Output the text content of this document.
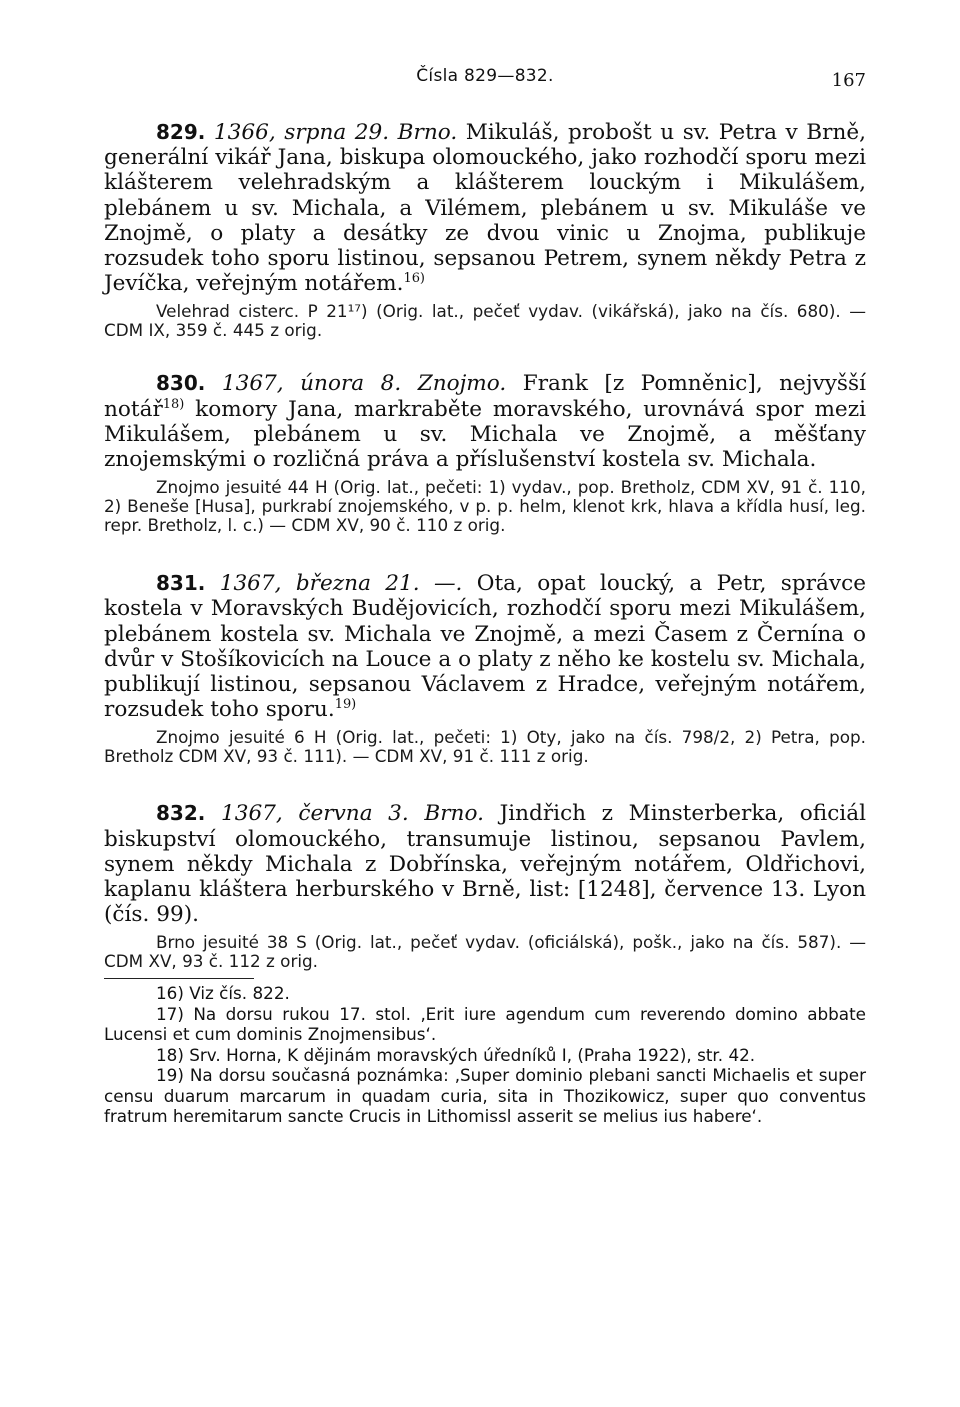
Čísla 829—832.	167

829. 1366, srpna 29. Brno. Mikuláš, probošt u sv. Petra v Brně, generální vikář Jana, biskupa olomouckého, jako rozhodčí sporu mezi klášterem velehradským a klášterem louckým i Mikulášem, plebánem u sv. Michala, a Vilémem, plebánem u sv. Mikuláše ve Znojmě, o platy a desátky ze dvou vinic u Znojma, publikuje rozsudek toho sporu listinou, sepsanou Petrem, synem někdy Petra z Jevíčka, veřejným notářem.$^{16)}$

Velehrad cisterc. P 21¹⁷) (Orig. lat., pečeť vydav. (vikářská), jako na čís. 680). — CDM IX, 359 č. 445 z orig.

830. 1367, února 8. Znojmo. Frank [z Pomněnic], nejvyšší notář$^{18)}$ komory Jana, markraběte moravského, urovnává spor mezi Mikulášem, plebánem u sv. Michala ve Znojmě, a měšťany znojemskými o rozličná práva a příslušenství kostela sv. Michala.

Znojmo jesuité 44 H (Orig. lat., pečeti: 1) vydav., pop. Bretholz, CDM XV, 91 č. 110, 2) Beneše [Husa], purkrabí znojemského, v p. p. helm, klenot krk, hlava a křídla husí, leg. repr. Bretholz, l. c.) — CDM XV, 90 č. 110 z orig.

831. 1367, března 21. —. Ota, opat loucký, a Petr, správce kostela v Moravských Budějovicích, rozhodčí sporu mezi Mikulášem, plebánem kostela sv. Michala ve Znojmě, a mezi Časem z Černína o dvůr v Stošíkovicích na Louce a o platy z něho ke kostelu sv. Michala, publikují listinou, sepsanou Václavem z Hradce, veřejným notářem, rozsudek toho sporu.$^{19)}$

Znojmo jesuité 6 H (Orig. lat., pečeti: 1) Oty, jako na čís. 798/2, 2) Petra, pop. Bretholz CDM XV, 93 č. 111). — CDM XV, 91 č. 111 z orig.

832. 1367, června 3. Brno. Jindřich z Minsterberka, oficiál biskupství olomouckého, transumuje listinou, sepsanou Pavlem, synem někdy Michala z Dobřínska, veřejným notářem, Oldřichovi, kaplanu kláštera herburského v Brně, list: [1248], července 13. Lyon (čís. 99).

Brno jesuité 38 S (Orig. lat., pečeť vydav. (oficiálská), pošk., jako na čís. 587). — CDM XV, 93 č. 112 z orig.

16) Viz čís. 822.

17) Na dorsu rukou 17. stol. ‚Erit iure agendum cum reverendo domino abbate Lucensi et cum dominis Znojmensibus‘.

18) Srv. Horna, K dějinám moravských úředníků I, (Praha 1922), str. 42.

19) Na dorsu současná poznámka: ‚Super dominio plebani sancti Michaelis et super censu duarum marcarum in quadam curia, sita in Thozikowicz, super quo conventus fratrum heremitarum sancte Crucis in Lithomissl asserit se melius ius habere‘.
